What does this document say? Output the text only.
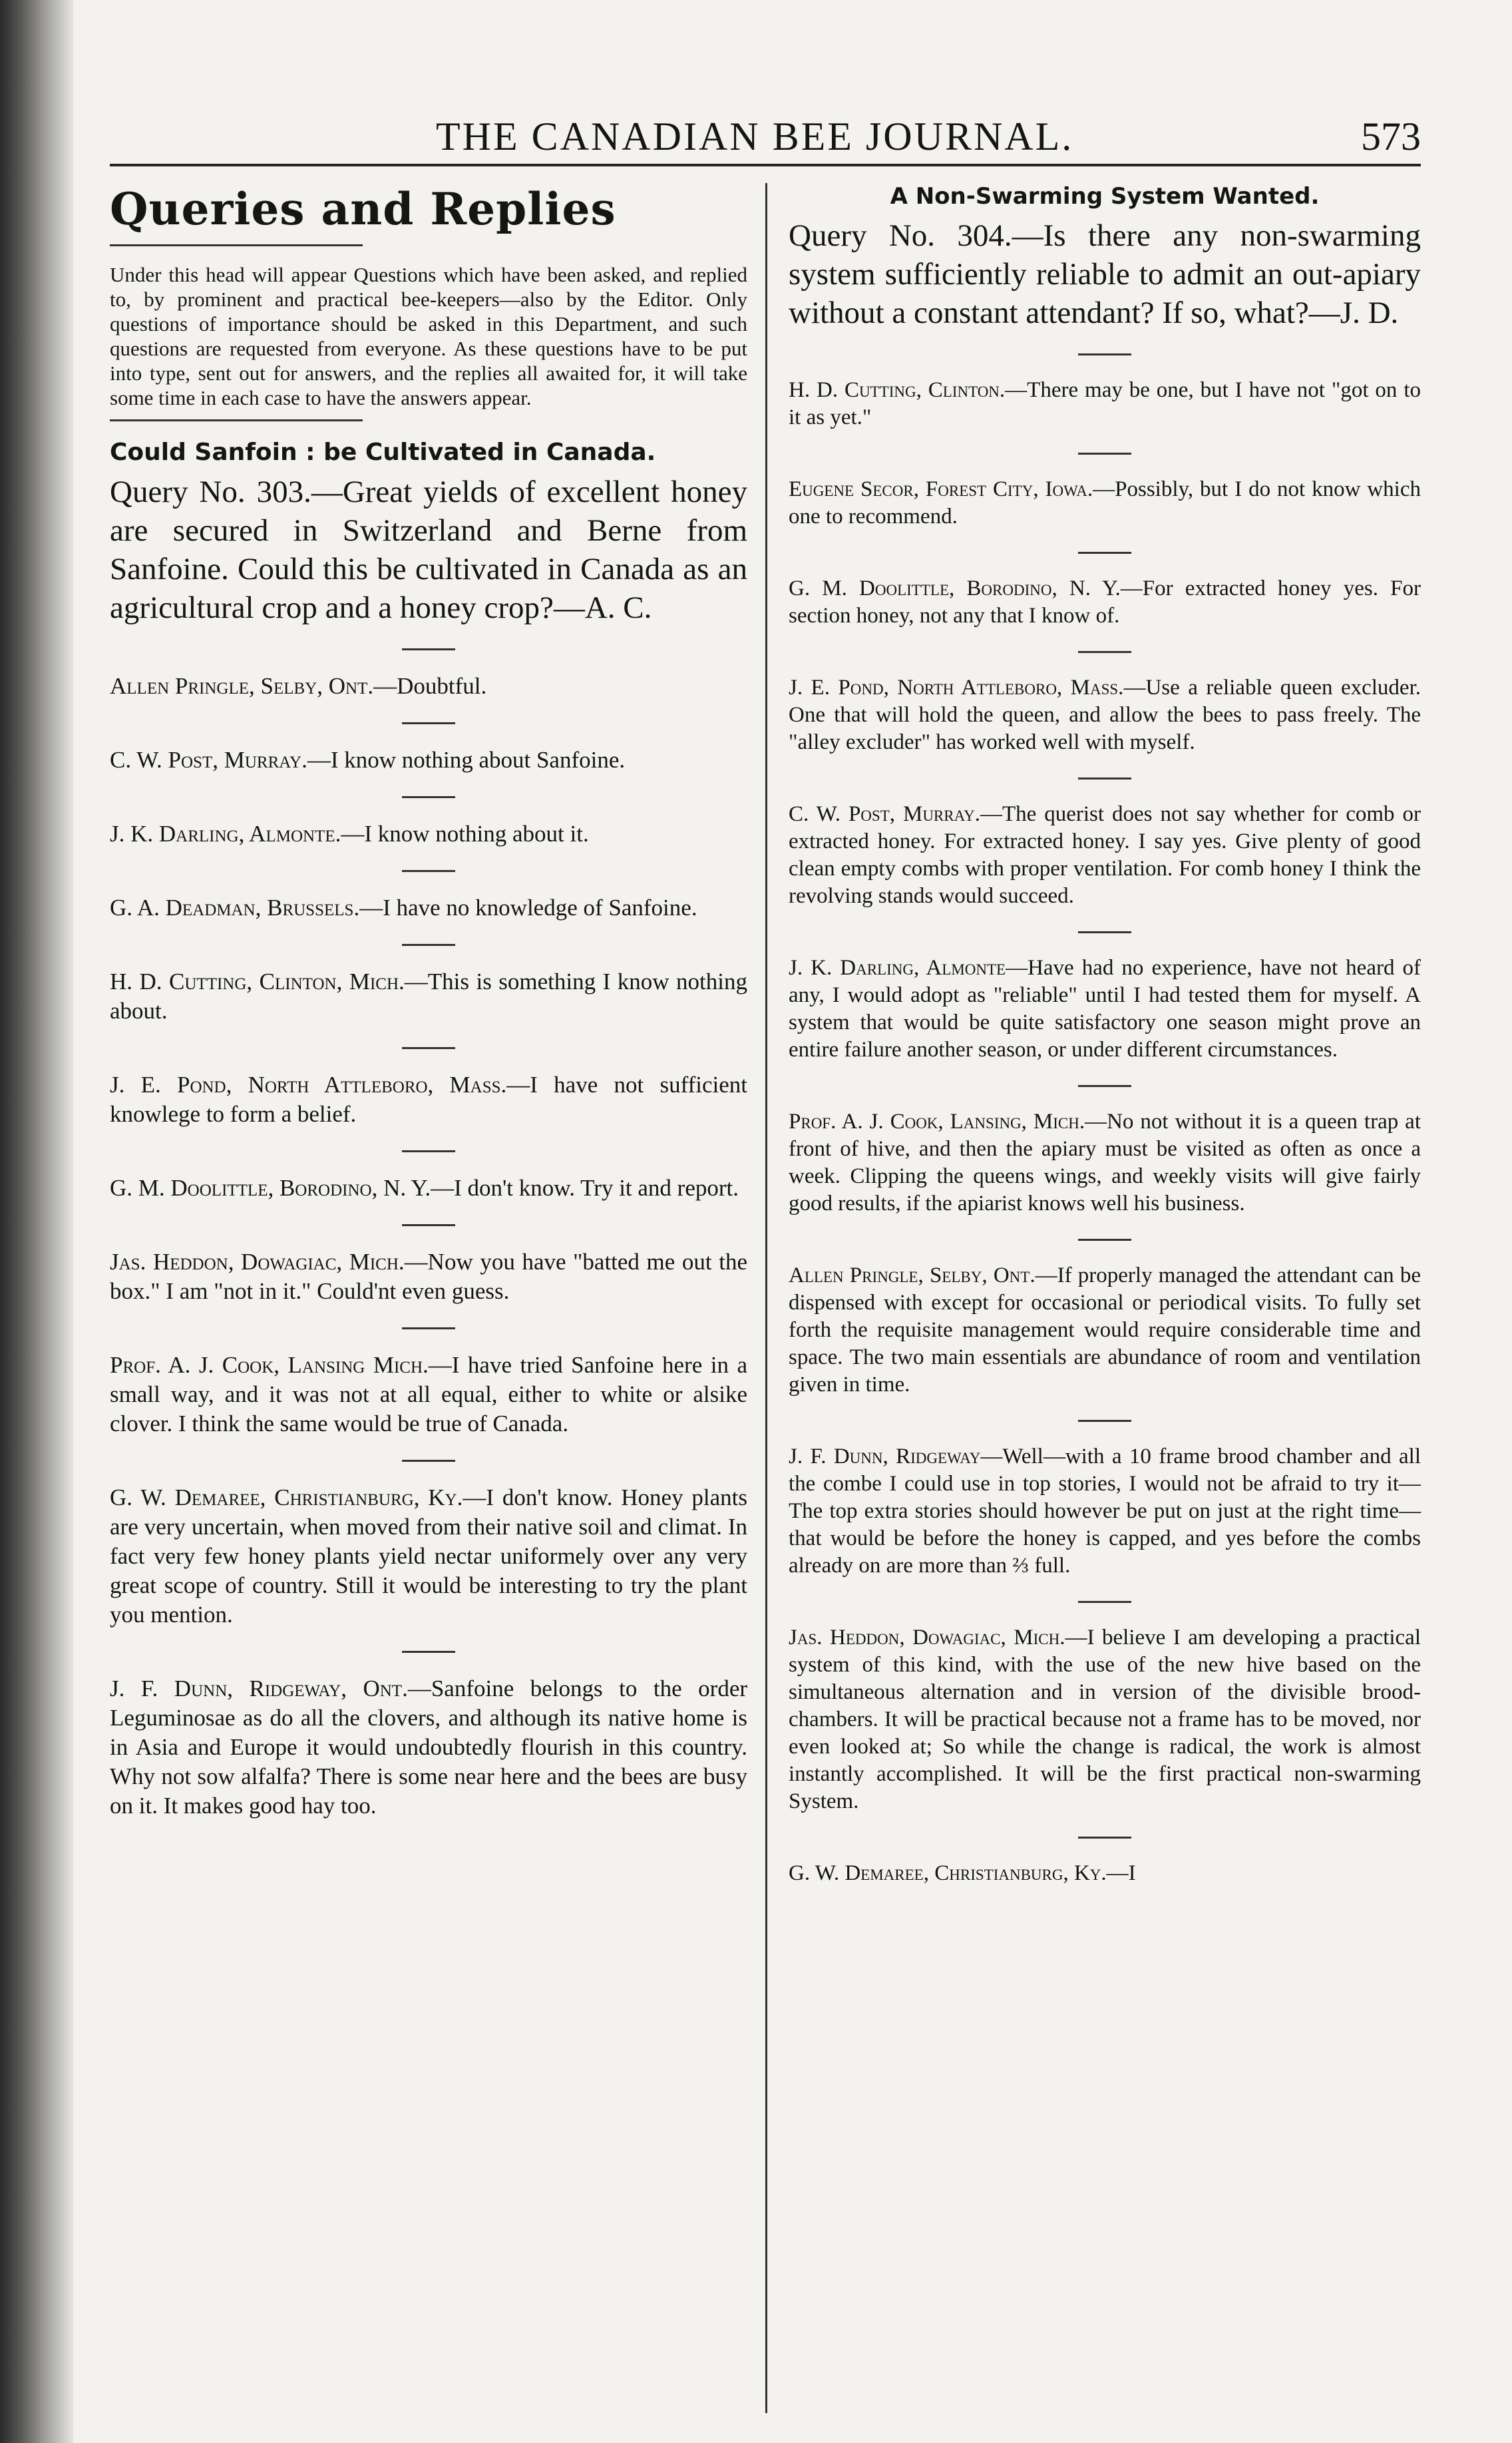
THE CANADIAN BEE JOURNAL.	573
Queries and Replies

Under this head will appear Questions which have been asked, and replied to, by prominent and practical bee-keepers—also by the Editor. Only questions of importance should be asked in this Department, and such questions are requested from everyone. As these questions have to be put into type, sent out for answers, and the replies all awaited for, it will take some time in each case to have the answers appear.

Could Sanfoin : be Cultivated in Canada.

Query No. 303.—Great yields of excellent honey are secured in Switzerland and Berne from Sanfoine. Could this be cultivated in Canada as an agricultural crop and a honey crop?—A. C.

Allen Pringle, Selby, Ont.—Doubtful.

C. W. Post, Murray.—I know nothing about Sanfoine.

J. K. Darling, Almonte.—I know nothing about it.

G. A. Deadman, Brussels.—I have no knowledge of Sanfoine.

H. D. Cutting, Clinton, Mich.—This is something I know nothing about.

J. E. Pond, North Attleboro, Mass.—I have not sufficient knowlege to form a belief.

G. M. Doolittle, Borodino, N. Y.—I don't know. Try it and report.

Jas. Heddon, Dowagiac, Mich.—Now you have "batted me out the box." I am "not in it." Could'nt even guess.

Prof. A. J. Cook, Lansing Mich.—I have tried Sanfoine here in a small way, and it was not at all equal, either to white or alsike clover. I think the same would be true of Canada.

G. W. Demaree, Christianburg, Ky.—I don't know. Honey plants are very uncertain, when moved from their native soil and climat. In fact very few honey plants yield nectar uniformely over any very great scope of country. Still it would be interesting to try the plant you mention.

J. F. Dunn, Ridgeway, Ont.—Sanfoine belongs to the order Leguminosae as do all the clovers, and although its native home is in Asia and Europe it would undoubtedly flourish in this country. Why not sow alfalfa? There is some near here and the bees are busy on it. It makes good hay too.

A Non-Swarming System Wanted.

Query No. 304.—Is there any non-swarming system sufficiently reliable to admit an out-apiary without a constant attendant? If so, what?—J. D.

H. D. Cutting, Clinton.—There may be one, but I have not "got on to it as yet."

Eugene Secor, Forest City, Iowa.—Possibly, but I do not know which one to recommend.

G. M. Doolittle, Borodino, N. Y.—For extracted honey yes. For section honey, not any that I know of.

J. E. Pond, North Attleboro, Mass.—Use a reliable queen excluder. One that will hold the queen, and allow the bees to pass freely. The "alley excluder" has worked well with myself.

C. W. Post, Murray.—The querist does not say whether for comb or extracted honey. For extracted honey. I say yes. Give plenty of good clean empty combs with proper ventilation. For comb honey I think the revolving stands would succeed.

J. K. Darling, Almonte—Have had no experience, have not heard of any, I would adopt as "reliable" until I had tested them for myself. A system that would be quite satisfactory one season might prove an entire failure another season, or under different circumstances.

Prof. A. J. Cook, Lansing, Mich.—No not without it is a queen trap at front of hive, and then the apiary must be visited as often as once a week. Clipping the queens wings, and weekly visits will give fairly good results, if the apiarist knows well his business.

Allen Pringle, Selby, Ont.—If properly managed the attendant can be dispensed with except for occasional or periodical visits. To fully set forth the requisite management would require considerable time and space. The two main essentials are abundance of room and ventilation given in time.

J. F. Dunn, Ridgeway—Well—with a 10 frame brood chamber and all the combe I could use in top stories, I would not be afraid to try it—The top extra stories should however be put on just at the right time—that would be before the honey is capped, and yes before the combs already on are more than ⅔ full.

Jas. Heddon, Dowagiac, Mich.—I believe I am developing a practical system of this kind, with the use of the new hive based on the simultaneous alternation and in version of the divisible brood-chambers. It will be practical because not a frame has to be moved, nor even looked at; So while the change is radical, the work is almost instantly accomplished. It will be the first practical non-swarming System.

G. W. Demaree, Christianburg, Ky.—I
